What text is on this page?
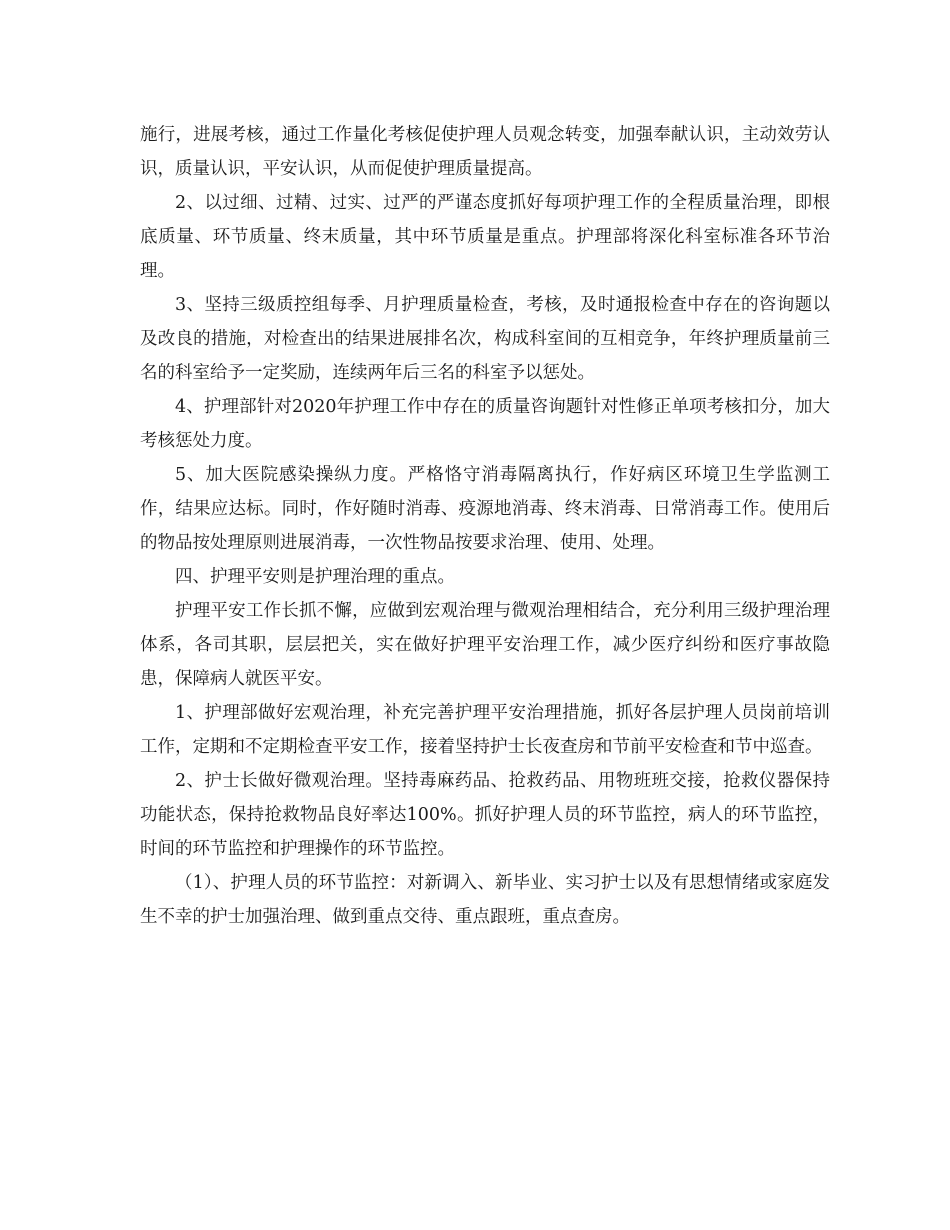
施行，进展考核，通过工作量化考核促使护理人员观念转变，加强奉献认识，主动效劳认识，质量认识，平安认识，从而促使护理质量提高。

2、以过细、过精、过实、过严的严谨态度抓好每项护理工作的全程质量治理，即根底质量、环节质量、终末质量，其中环节质量是重点。护理部将深化科室标准各环节治理。

3、坚持三级质控组每季、月护理质量检查，考核，及时通报检查中存在的咨询题以及改良的措施，对检查出的结果进展排名次，构成科室间的互相竞争，年终护理质量前三名的科室给予一定奖励，连续两年后三名的科室予以惩处。

4、护理部针对2020年护理工作中存在的质量咨询题针对性修正单项考核扣分，加大考核惩处力度。

5、加大医院感染操纵力度。严格恪守消毒隔离执行，作好病区环境卫生学监测工作，结果应达标。同时，作好随时消毒、疫源地消毒、终末消毒、日常消毒工作。使用后的物品按处理原则进展消毒，一次性物品按要求治理、使用、处理。

四、护理平安则是护理治理的重点。

护理平安工作长抓不懈，应做到宏观治理与微观治理相结合，充分利用三级护理治理体系，各司其职，层层把关，实在做好护理平安治理工作，减少医疗纠纷和医疗事故隐患，保障病人就医平安。

1、护理部做好宏观治理，补充完善护理平安治理措施，抓好各层护理人员岗前培训工作，定期和不定期检查平安工作，接着坚持护士长夜查房和节前平安检查和节中巡查。

2、护士长做好微观治理。坚持毒麻药品、抢救药品、用物班班交接，抢救仪器保持功能状态，保持抢救物品良好率达100%。抓好护理人员的环节监控，病人的环节监控，时间的环节监控和护理操作的环节监控。

（1）、护理人员的环节监控：对新调入、新毕业、实习护士以及有思想情绪或家庭发生不幸的护士加强治理、做到重点交待、重点跟班，重点查房。
